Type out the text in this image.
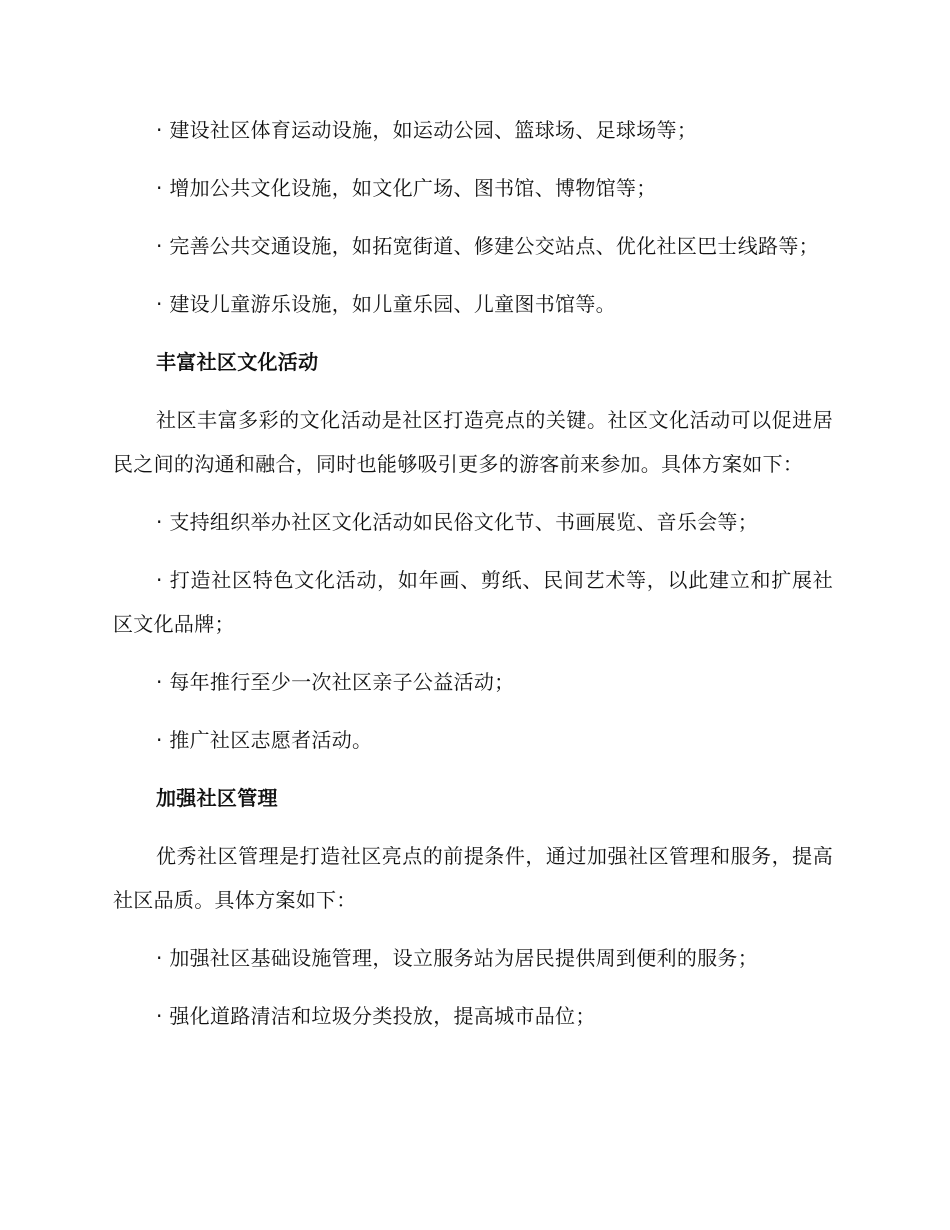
· 建设社区体育运动设施，如运动公园、篮球场、足球场等；

· 增加公共文化设施，如文化广场、图书馆、博物馆等；

· 完善公共交通设施，如拓宽街道、修建公交站点、优化社区巴士线路等；

· 建设儿童游乐设施，如儿童乐园、儿童图书馆等。

丰富社区文化活动

社区丰富多彩的文化活动是社区打造亮点的关键。社区文化活动可以促进居民之间的沟通和融合，同时也能够吸引更多的游客前来参加。具体方案如下：

· 支持组织举办社区文化活动如民俗文化节、书画展览、音乐会等；

· 打造社区特色文化活动，如年画、剪纸、民间艺术等，以此建立和扩展社区文化品牌；

· 每年推行至少一次社区亲子公益活动；

· 推广社区志愿者活动。

加强社区管理

优秀社区管理是打造社区亮点的前提条件，通过加强社区管理和服务，提高社区品质。具体方案如下：

· 加强社区基础设施管理，设立服务站为居民提供周到便利的服务；

· 强化道路清洁和垃圾分类投放，提高城市品位；
